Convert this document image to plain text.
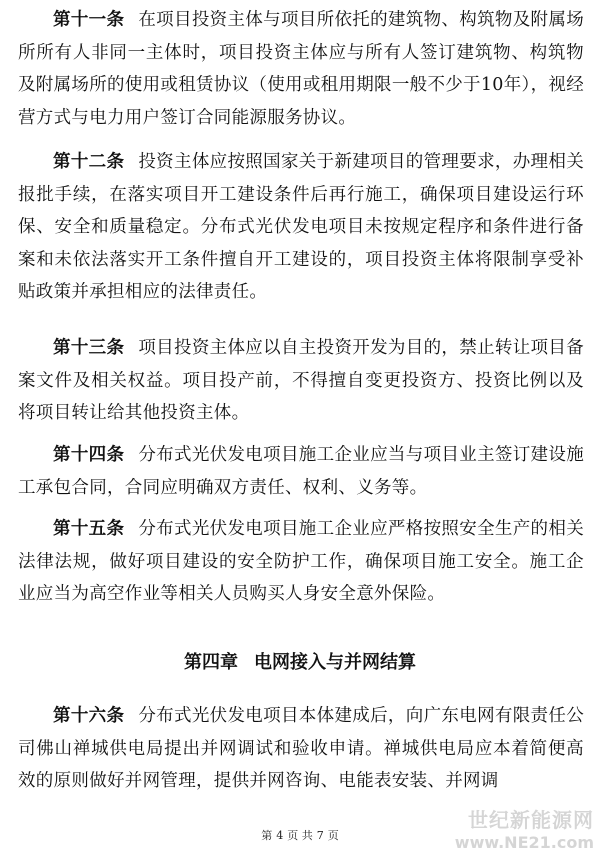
第十一条 在项目投资主体与项目所依托的建筑物、构筑物及附属场所所有人非同一主体时，项目投资主体应与所有人签订建筑物、构筑物及附属场所的使用或租赁协议（使用或租用期限一般不少于10年），视经营方式与电力用户签订合同能源服务协议。

第十二条 投资主体应按照国家关于新建项目的管理要求，办理相关报批手续，在落实项目开工建设条件后再行施工，确保项目建设运行环保、安全和质量稳定。分布式光伏发电项目未按规定程序和条件进行备案和未依法落实开工条件擅自开工建设的，项目投资主体将限制享受补贴政策并承担相应的法律责任。

第十三条 项目投资主体应以自主投资开发为目的，禁止转让项目备案文件及相关权益。项目投产前，不得擅自变更投资方、投资比例以及将项目转让给其他投资主体。

第十四条 分布式光伏发电项目施工企业应当与项目业主签订建设施工承包合同，合同应明确双方责任、权利、义务等。

第十五条 分布式光伏发电项目施工企业应严格按照安全生产的相关法律法规，做好项目建设的安全防护工作，确保项目施工安全。施工企业应当为高空作业等相关人员购买人身安全意外保险。

第四章 电网接入与并网结算

第十六条 分布式光伏发电项目本体建成后，向广东电网有限责任公司佛山禅城供电局提出并网调试和验收申请。禅城供电局应本着简便高效的原则做好并网管理，提供并网咨询、电能表安装、并网调

第 4 页 共 7 页
世纪新能源网
www.NE21.com
